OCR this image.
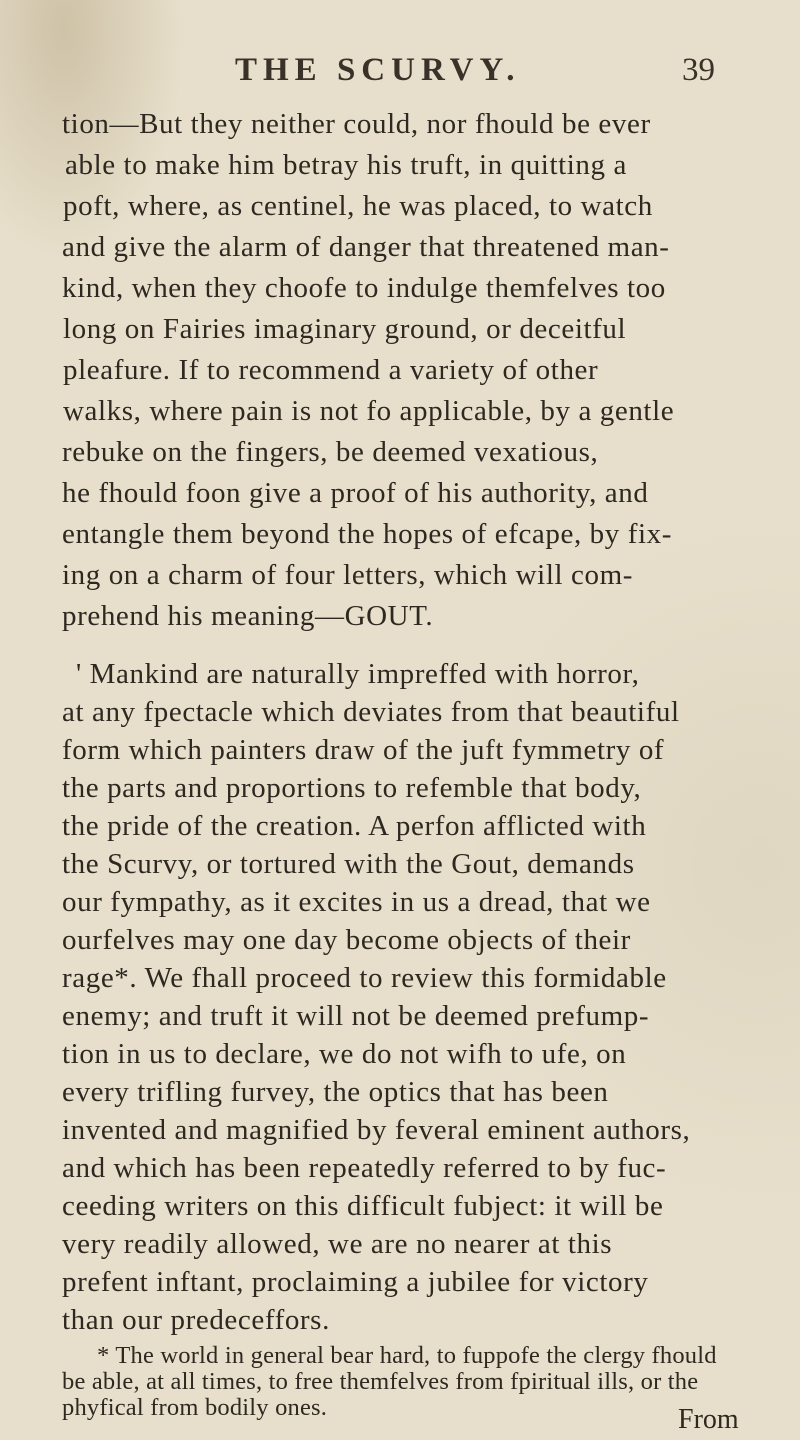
THE SCURVY.	39
tion—But they neither could, nor fhould be ever
able to make him betray his truft, in quitting a
poft, where, as centinel, he was placed, to watch
and give the alarm of danger that threatened man-
kind, when they choofe to indulge themfelves too
long on Fairies imaginary ground, or deceitful
pleafure. If to recommend a variety of other
walks, where pain is not fo applicable, by a gentle
rebuke on the fingers, be deemed vexatious,
he fhould foon give a proof of his authority, and
entangle them beyond the hopes of efcape, by fix-
ing on a charm of four letters, which will com-
prehend his meaning—GOUT.
' Mankind are naturally impreffed with horror,
at any fpectacle which deviates from that beautiful
form which painters draw of the juft fymmetry of
the parts and proportions to refemble that body,
the pride of the creation. A perfon afflicted with
the Scurvy, or tortured with the Gout, demands
our fympathy, as it excites in us a dread, that we
ourfelves may one day become objects of their
rage*. We fhall proceed to review this formidable
enemy; and truft it will not be deemed prefump-
tion in us to declare, we do not wifh to ufe, on
every trifling furvey, the optics that has been
invented and magnified by feveral eminent authors,
and which has been repeatedly referred to by fuc-
ceeding writers on this difficult fubject: it will be
very readily allowed, we are no nearer at this
prefent inftant, proclaiming a jubilee for victory
than our predeceffors.
* The world in general bear hard, to fuppofe the clergy fhould
be able, at all times, to free themfelves from fpiritual ills, or the
phyfical from bodily ones.	From
